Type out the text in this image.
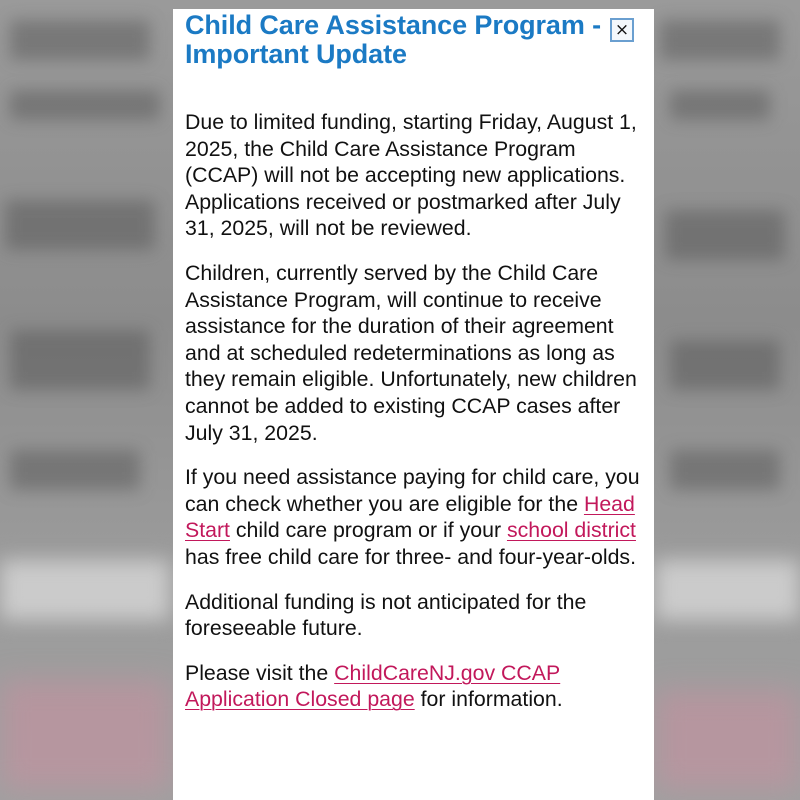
Child Care Assistance Program - Important Update
×

Due to limited funding, starting Friday, August 1, 2025, the Child Care Assistance Program (CCAP) will not be accepting new applications. Applications received or postmarked after July 31, 2025, will not be reviewed.

Children, currently served by the Child Care Assistance Program, will continue to receive assistance for the duration of their agreement and at scheduled redeterminations as long as they remain eligible. Unfortunately, new children cannot be added to existing CCAP cases after July 31, 2025.

If you need assistance paying for child care, you can check whether you are eligible for the Head Start child care program or if your school district has free child care for three- and four-year-olds.

Additional funding is not anticipated for the foreseeable future.

Please visit the ChildCareNJ.gov CCAP Application Closed page for information.
